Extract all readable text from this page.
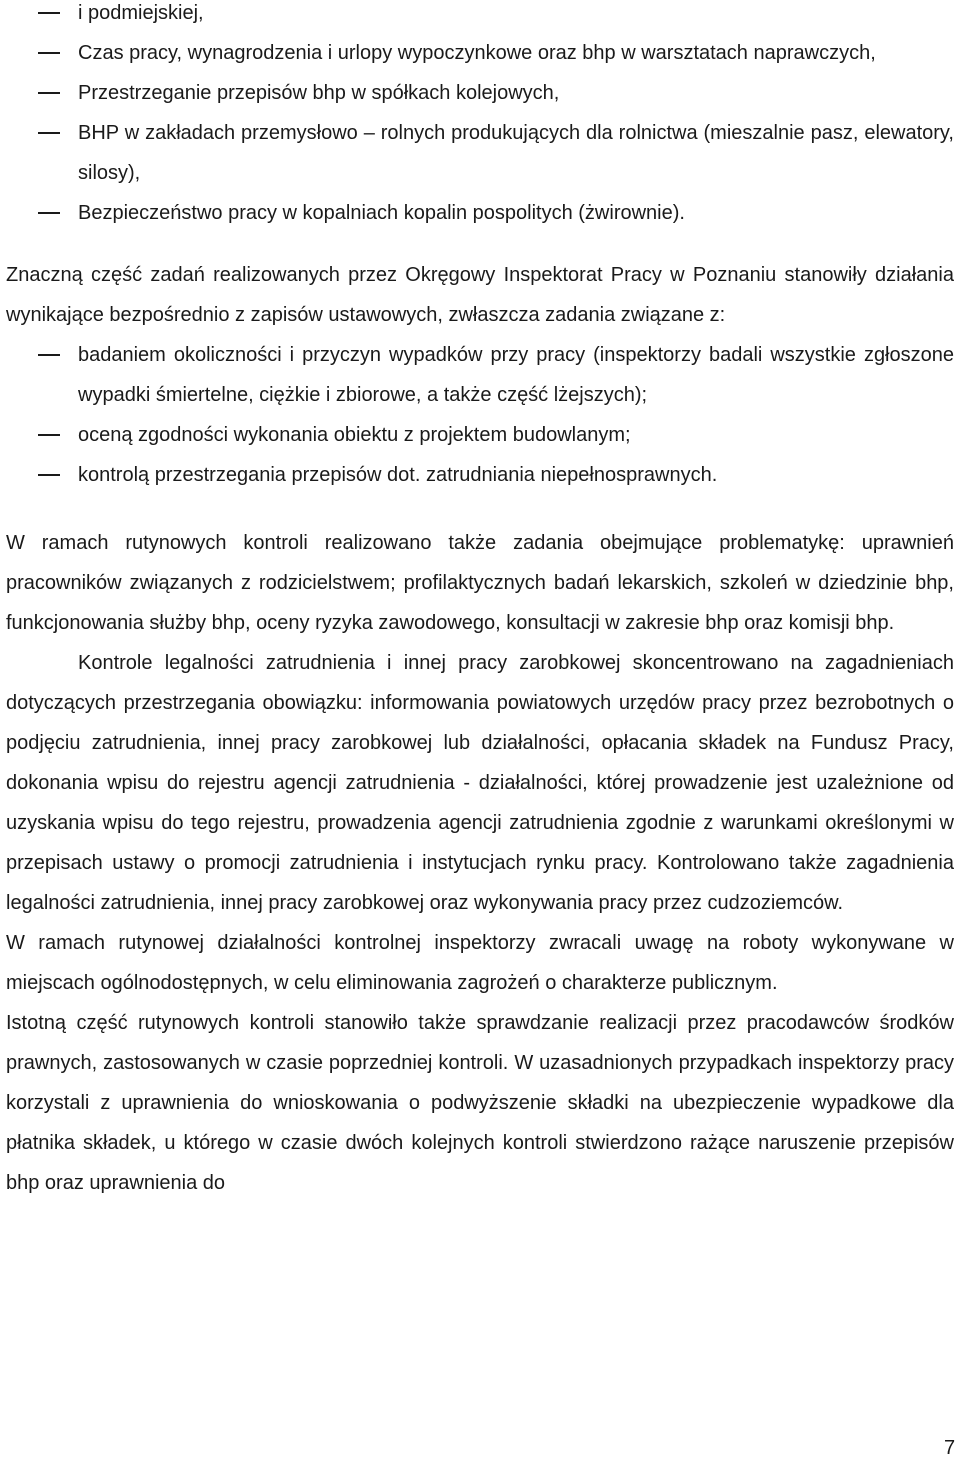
i podmiejskiej,
Czas pracy, wynagrodzenia i urlopy wypoczynkowe oraz bhp w warsztatach naprawczych,
Przestrzeganie przepisów bhp w spółkach kolejowych,
BHP w zakładach przemysłowo – rolnych produkujących dla rolnictwa (mieszalnie pasz, elewatory, silosy),
Bezpieczeństwo pracy w kopalniach kopalin pospolitych (żwirownie).

Znaczną część zadań realizowanych przez Okręgowy Inspektorat Pracy w Poznaniu stanowiły działania wynikające bezpośrednio z zapisów ustawowych, zwłaszcza zadania związane z:

badaniem okoliczności i przyczyn wypadków przy pracy (inspektorzy badali wszystkie zgłoszone wypadki śmiertelne, ciężkie i zbiorowe, a także część lżejszych);
oceną zgodności wykonania obiektu z projektem budowlanym;
kontrolą przestrzegania przepisów dot. zatrudniania niepełnosprawnych.

W ramach rutynowych kontroli realizowano także zadania obejmujące problematykę: uprawnień pracowników związanych z rodzicielstwem; profilaktycznych badań lekarskich, szkoleń w dziedzinie bhp, funkcjonowania służby bhp, oceny ryzyka zawodowego, konsultacji w zakresie bhp oraz komisji bhp.

Kontrole legalności zatrudnienia i innej pracy zarobkowej skoncentrowano na zagadnieniach dotyczących przestrzegania obowiązku: informowania powiatowych urzędów pracy przez bezrobotnych o podjęciu zatrudnienia, innej pracy zarobkowej lub działalności, opłacania składek na Fundusz Pracy, dokonania wpisu do rejestru agencji zatrudnienia - działalności, której prowadzenie jest uzależnione od uzyskania wpisu do tego rejestru, prowadzenia agencji zatrudnienia zgodnie z warunkami określonymi w przepisach ustawy o promocji zatrudnienia i instytucjach rynku pracy. Kontrolowano także zagadnienia legalności zatrudnienia, innej pracy zarobkowej oraz wykonywania pracy przez cudzoziemców.

W ramach rutynowej działalności kontrolnej inspektorzy zwracali uwagę na roboty wykonywane w miejscach ogólnodostępnych, w celu eliminowania zagrożeń o charakterze publicznym.

Istotną część rutynowych kontroli stanowiło także sprawdzanie realizacji przez pracodawców środków prawnych, zastosowanych w czasie poprzedniej kontroli. W uzasadnionych przypadkach inspektorzy pracy korzystali z uprawnienia do wnioskowania o podwyższenie składki na ubezpieczenie wypadkowe dla płatnika składek, u którego w czasie dwóch kolejnych kontroli stwierdzono rażące naruszenie przepisów bhp oraz uprawnienia do

7
